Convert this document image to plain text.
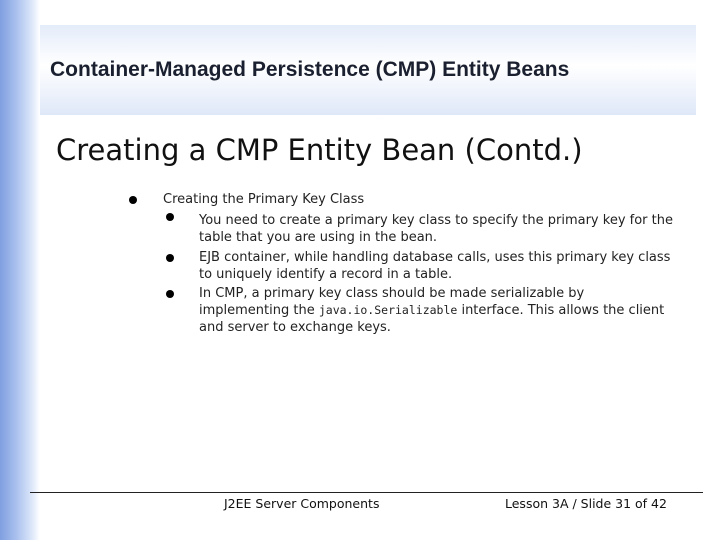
Container-Managed Persistence (CMP) Entity Beans
Creating a CMP Entity Bean (Contd.)
Creating the Primary Key Class
You need to create a primary key class to specify the primary key for the table that you are using in the bean.
EJB container, while handling database calls, uses this primary key class to uniquely identify a record in a table.
In CMP, a primary key class should be made serializable by implementing the java.io.Serializable interface. This allows the client and server to exchange keys.
J2EE Server Components	Lesson 3A / Slide 31 of 42
